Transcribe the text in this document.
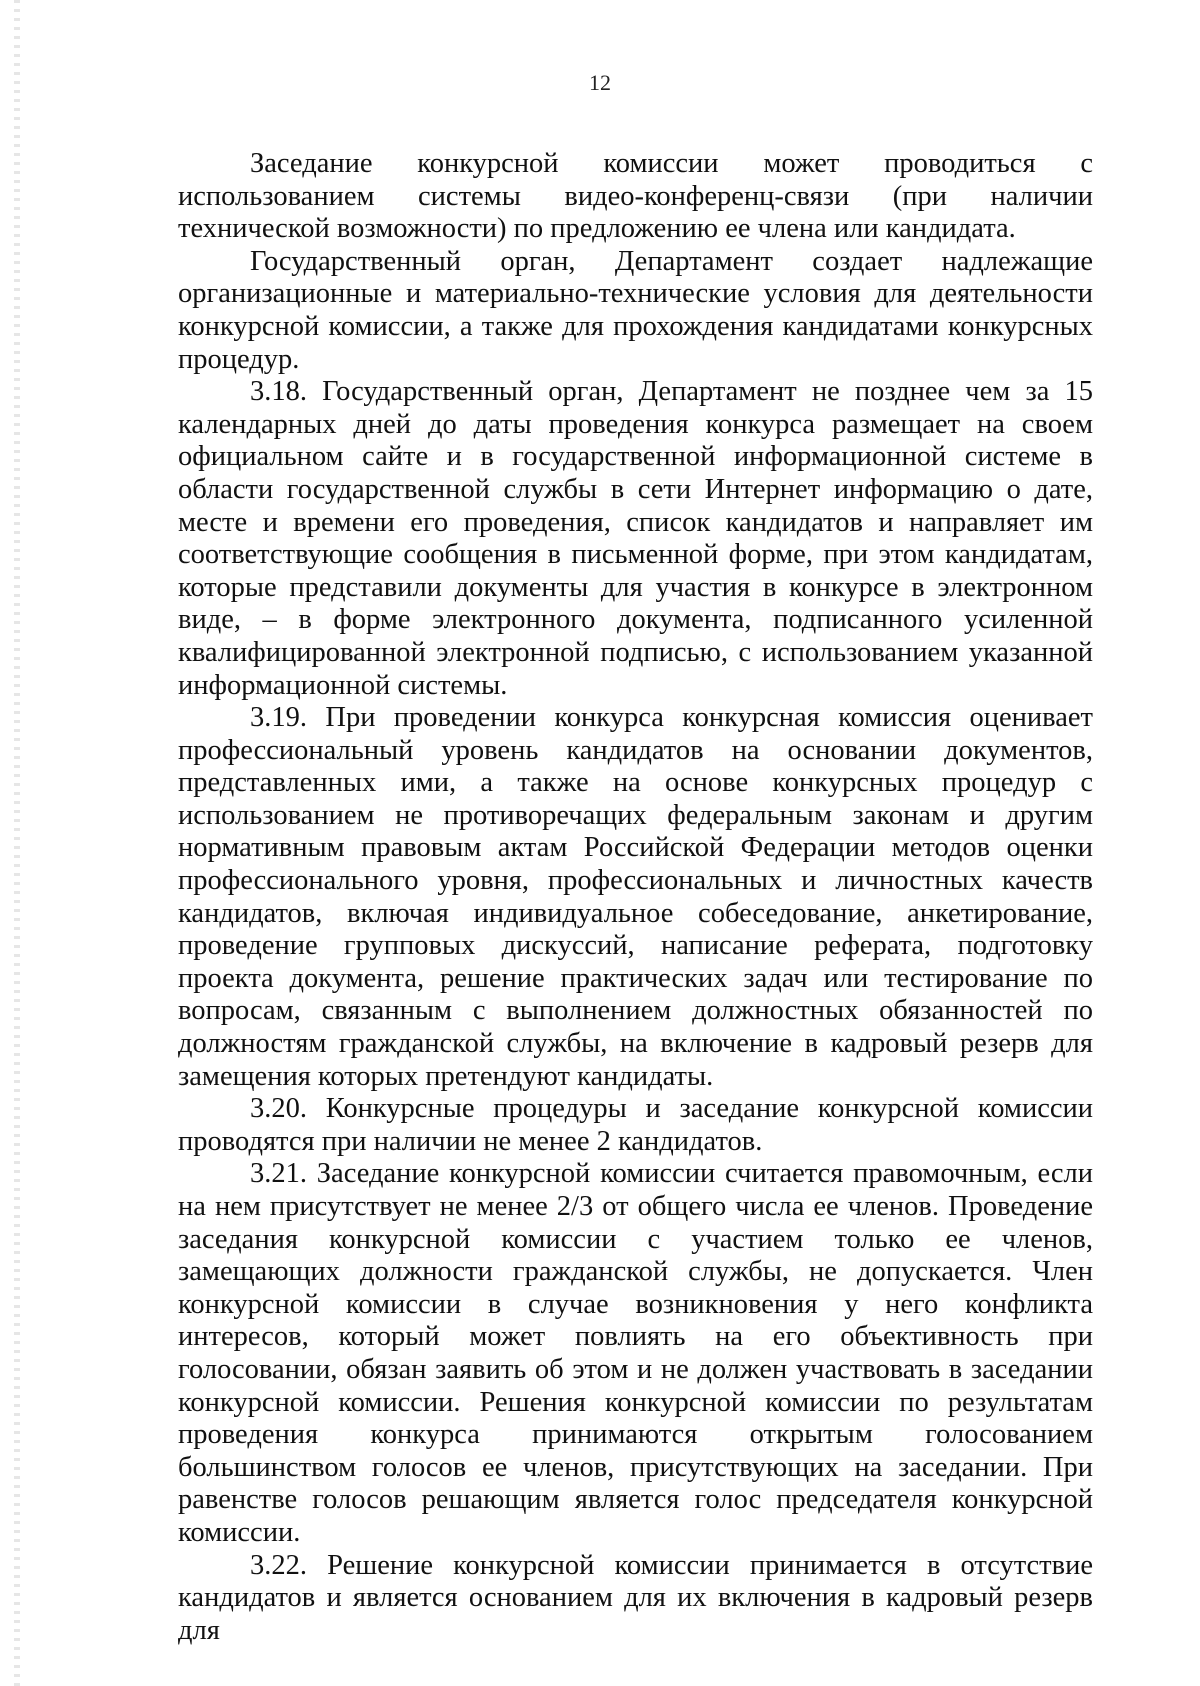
12

Заседание конкурсной комиссии может проводиться с использованием системы видео-конференц-связи (при наличии технической возможности) по предложению ее члена или кандидата.

Государственный орган, Департамент создает надлежащие организационные и материально-технические условия для деятельности конкурсной комиссии, а также для прохождения кандидатами конкурсных процедур.

3.18. Государственный орган, Департамент не позднее чем за 15 календарных дней до даты проведения конкурса размещает на своем официальном сайте и в государственной информационной системе в области государственной службы в сети Интернет информацию о дате, месте и времени его проведения, список кандидатов и направляет им соответствующие сообщения в письменной форме, при этом кандидатам, которые представили документы для участия в конкурсе в электронном виде, – в форме электронного документа, подписанного усиленной квалифицированной электронной подписью, с использованием указанной информационной системы.

3.19. При проведении конкурса конкурсная комиссия оценивает профессиональный уровень кандидатов на основании документов, представленных ими, а также на основе конкурсных процедур с использованием не противоречащих федеральным законам и другим нормативным правовым актам Российской Федерации методов оценки профессионального уровня, профессиональных и личностных качеств кандидатов, включая индивидуальное собеседование, анкетирование, проведение групповых дискуссий, написание реферата, подготовку проекта документа, решение практических задач или тестирование по вопросам, связанным с выполнением должностных обязанностей по должностям гражданской службы, на включение в кадровый резерв для замещения которых претендуют кандидаты.

3.20. Конкурсные процедуры и заседание конкурсной комиссии проводятся при наличии не менее 2 кандидатов.

3.21. Заседание конкурсной комиссии считается правомочным, если на нем присутствует не менее 2/3 от общего числа ее членов. Проведение заседания конкурсной комиссии с участием только ее членов, замещающих должности гражданской службы, не допускается. Член конкурсной комиссии в случае возникновения у него конфликта интересов, который может повлиять на его объективность при голосовании, обязан заявить об этом и не должен участвовать в заседании конкурсной комиссии. Решения конкурсной комиссии по результатам проведения конкурса принимаются открытым голосованием большинством голосов ее членов, присутствующих на заседании. При равенстве голосов решающим является голос председателя конкурсной комиссии.

3.22. Решение конкурсной комиссии принимается в отсутствие кандидатов и является основанием для их включения в кадровый резерв для
